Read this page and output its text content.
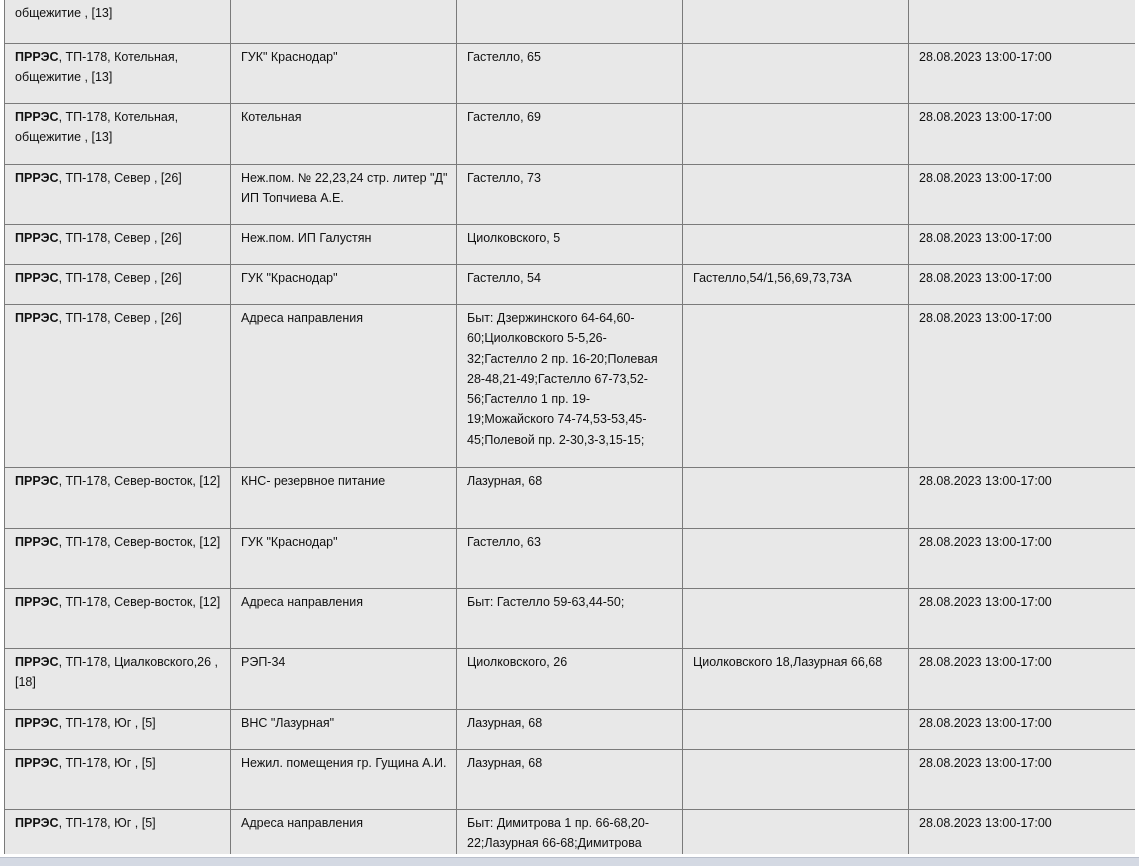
общежитие , [13]				
ПРРЭС, ТП-178, Котельная, общежитие , [13]	ГУК" Краснодар"	Гастелло, 65		28.08.2023 13:00-17:00
ПРРЭС, ТП-178, Котельная, общежитие , [13]	Котельная	Гастелло, 69		28.08.2023 13:00-17:00
ПРРЭС, ТП-178, Север , [26]	Неж.пом. № 22,23,24 стр. литер "Д" ИП Топчиева А.Е.	Гастелло, 73		28.08.2023 13:00-17:00
ПРРЭС, ТП-178, Север , [26]	Неж.пом. ИП Галустян	Циолковского, 5		28.08.2023 13:00-17:00
ПРРЭС, ТП-178, Север , [26]	ГУК "Краснодар"	Гастелло, 54	Гастелло,54/1,56,69,73,73А	28.08.2023 13:00-17:00
ПРРЭС, ТП-178, Север , [26]	Адреса направления	Быт: Дзержинского 64-64,60-60;Циолковского 5-5,26-32;Гастелло 2 пр. 16-20;Полевая 28-48,21-49;Гастелло 67-73,52-56;Гастелло 1 пр. 19-19;Можайского 74-74,53-53,45-45;Полевой пр. 2-30,3-3,15-15;		28.08.2023 13:00-17:00
ПРРЭС, ТП-178, Север-восток, [12]	КНС- резервное питание	Лазурная, 68		28.08.2023 13:00-17:00
ПРРЭС, ТП-178, Север-восток, [12]	ГУК "Краснодар"	Гастелло, 63		28.08.2023 13:00-17:00
ПРРЭС, ТП-178, Север-восток, [12]	Адреса направления	Быт: Гастелло 59-63,44-50;		28.08.2023 13:00-17:00
ПРРЭС, ТП-178, Циалковского,26 , [18]	РЭП-34	Циолковского, 26	Циолковского 18,Лазурная 66,68	28.08.2023 13:00-17:00
ПРРЭС, ТП-178, Юг , [5]	ВНС "Лазурная"	Лазурная, 68		28.08.2023 13:00-17:00
ПРРЭС, ТП-178, Юг , [5]	Нежил. помещения гр. Гущина А.И.	Лазурная, 68		28.08.2023 13:00-17:00
ПРРЭС, ТП-178, Юг , [5]	Адреса направления	Быт: Димитрова 1 пр. 66-68,20-22;Лазурная 66-68;Димитрова		28.08.2023 13:00-17:00
